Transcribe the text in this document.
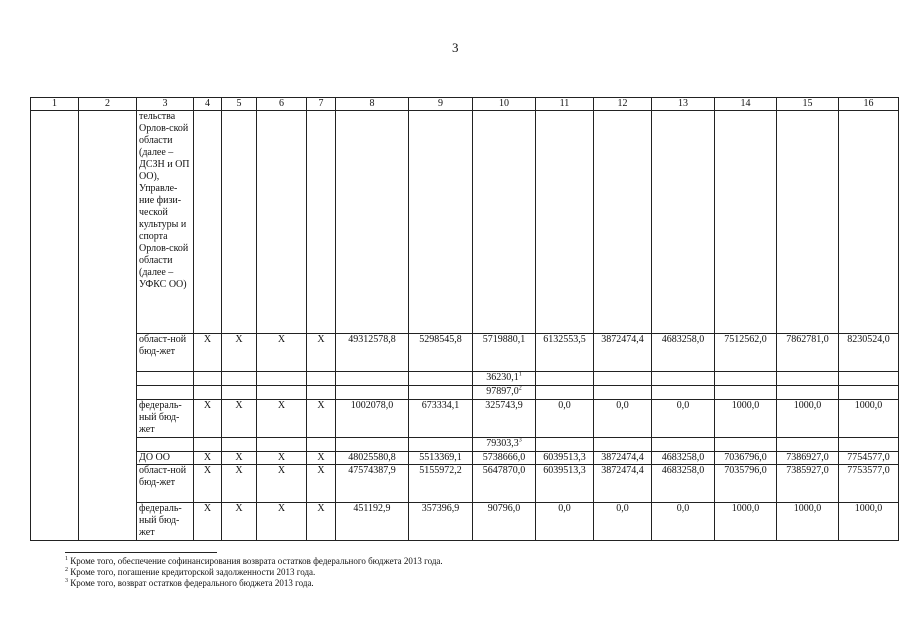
3
1	2	3	4	5	6	7	8	9	10	11	12	13	14	15	16
		тельства Орлов-ской области (далее – ДСЗН и ОП ОО), Управле-ние физи-ческой культуры и спорта Орлов-ской области (далее – УФКС ОО)													
		област-ной бюд-жет	Х	Х	Х	Х	49312578,8	5298545,8	5719880,1	6132553,5	3872474,4	4683258,0	7512562,0	7862781,0	8230524,0
									36230,1$^1$						
									97897,0$^2$						
		федераль-ный бюд-жет	Х	Х	Х	Х	1002078,0	673334,1	325743,9	0,0	0,0	0,0	1000,0	1000,0	1000,0
									79303,3$^3$						
		ДО ОО	Х	Х	Х	Х	48025580,8	5513369,1	5738666,0	6039513,3	3872474,4	4683258,0	7036796,0	7386927,0	7754577,0
		област-ной бюд-жет	Х	Х	Х	Х	47574387,9	5155972,2	5647870,0	6039513,3	3872474,4	4683258,0	7035796,0	7385927,0	7753577,0
		федераль-ный бюд-жет	Х	Х	Х	Х	451192,9	357396,9	90796,0	0,0	0,0	0,0	1000,0	1000,0	1000,0
$^1$ Кроме того, обеспечение софинансирования возврата остатков федерального бюджета 2013 года.
$^2$ Кроме того, погашение кредиторской задолженности 2013 года.
$^3$ Кроме того, возврат остатков федерального бюджета 2013 года.
